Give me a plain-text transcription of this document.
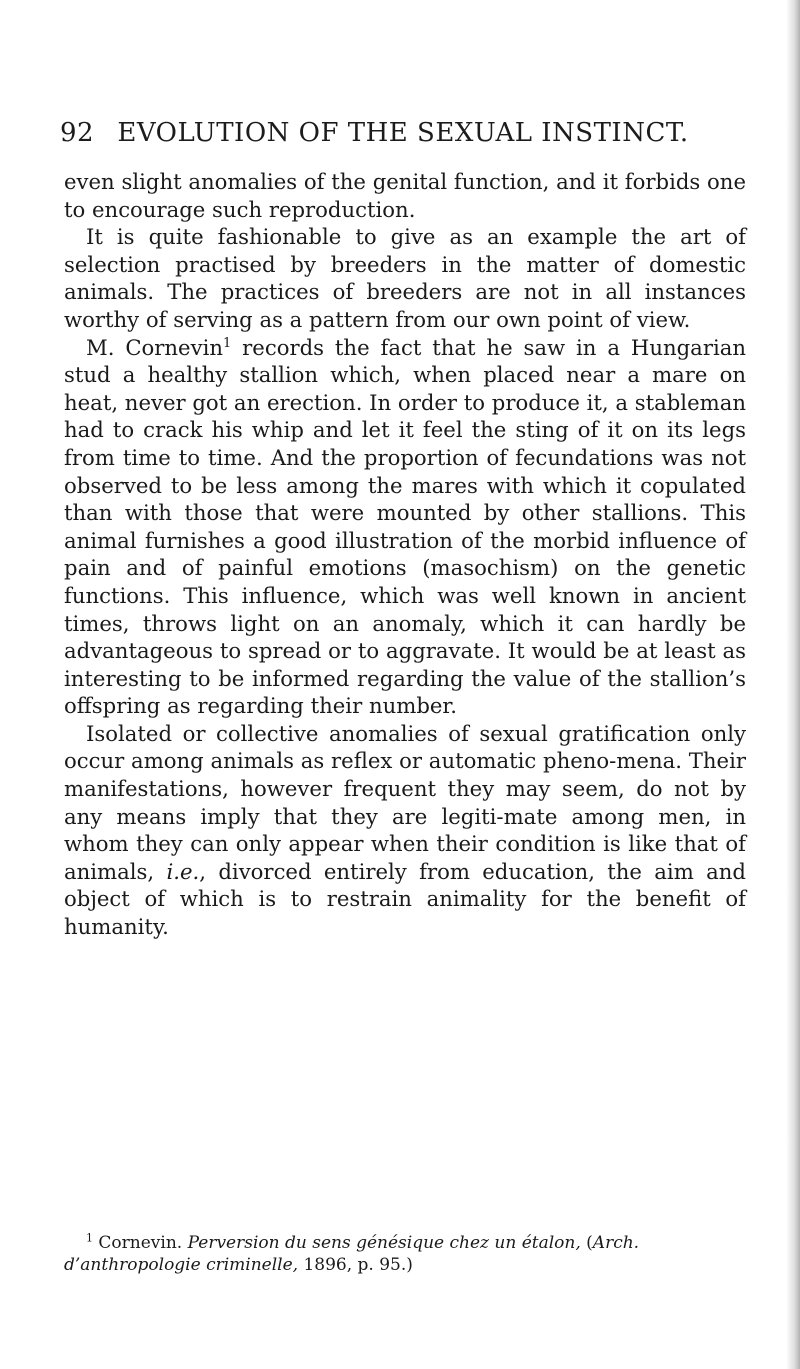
92 EVOLUTION OF THE SEXUAL INSTINCT.

even slight anomalies of the genital function, and it forbids one to encourage such reproduction.

It is quite fashionable to give as an example the art of selection practised by breeders in the matter of domestic animals. The practices of breeders are not in all instances worthy of serving as a pattern from our own point of view.

M. Cornevin$^1$ records the fact that he saw in a Hungarian stud a healthy stallion which, when placed near a mare on heat, never got an erection. In order to produce it, a stableman had to crack his whip and let it feel the sting of it on its legs from time to time. And the proportion of fecundations was not observed to be less among the mares with which it copulated than with those that were mounted by other stallions. This animal furnishes a good illustration of the morbid influence of pain and of painful emotions (masochism) on the genetic functions. This influence, which was well known in ancient times, throws light on an anomaly, which it can hardly be advantageous to spread or to aggravate. It would be at least as interesting to be informed regarding the value of the stallion’s offspring as regarding their number.

Isolated or collective anomalies of sexual gratification only occur among animals as reflex or automatic pheno-mena. Their manifestations, however frequent they may seem, do not by any means imply that they are legiti-mate among men, in whom they can only appear when their condition is like that of animals, i.e., divorced entirely from education, the aim and object of which is to restrain animality for the benefit of humanity.

$^1$ Cornevin. Perversion du sens génésique chez un étalon, (Arch. d’anthropologie criminelle, 1896, p. 95.)
